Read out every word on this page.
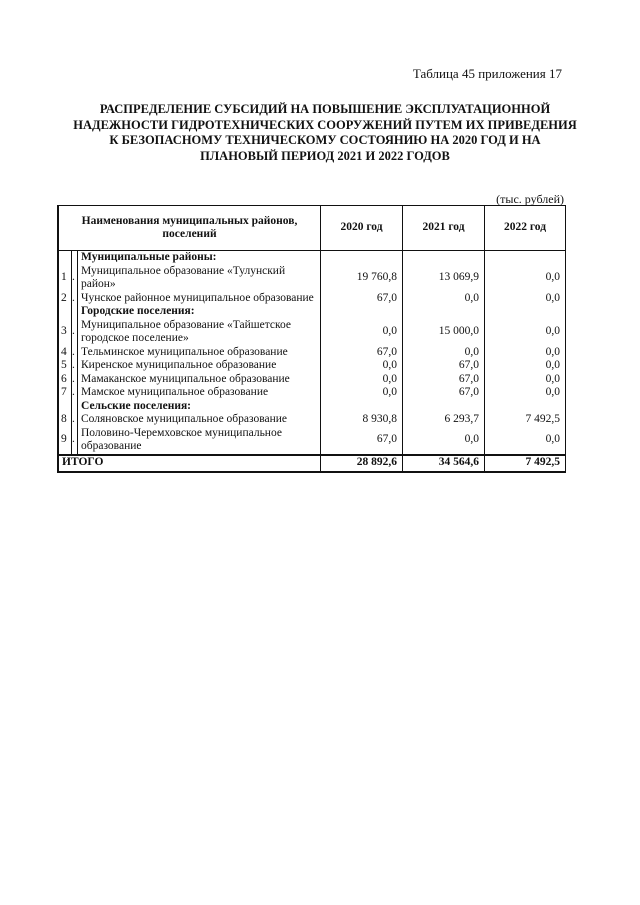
Таблица 45 приложения 17
РАСПРЕДЕЛЕНИЕ СУБСИДИЙ НА ПОВЫШЕНИЕ ЭКСПЛУАТАЦИОННОЙ НАДЕЖНОСТИ ГИДРОТЕХНИЧЕСКИХ СООРУЖЕНИЙ ПУТЕМ ИХ ПРИВЕДЕНИЯ К БЕЗОПАСНОМУ ТЕХНИЧЕСКОМУ СОСТОЯНИЮ НА 2020 ГОД И НА ПЛАНОВЫЙ ПЕРИОД 2021 И 2022 ГОДОВ
(тыс. рублей)
Наименования муниципальных районов, поселений			2020 год	2021 год	2022 год
		Муниципальные районы:			
1	.	Муниципальное образование «Тулунский район»	19 760,8	13 069,9	0,0
2	.	Чунское районное муниципальное образование	67,0	0,0	0,0
		Городские поселения:			
3	.	Муниципальное образование «Тайшетское городское поселение»	0,0	15 000,0	0,0
4	.	Тельминское муниципальное образование	67,0	0,0	0,0
5	.	Киренское муниципальное образование	0,0	67,0	0,0
6	.	Мамаканское муниципальное образование	0,0	67,0	0,0
7	.	Мамское муниципальное образование	0,0	67,0	0,0
		Сельские поселения:			
8	.	Соляновское муниципальное образование	8 930,8	6 293,7	7 492,5
9	.	Половино-Черемховское муниципальное образование	67,0	0,0	0,0
ИТОГО			28 892,6	34 564,6	7 492,5
